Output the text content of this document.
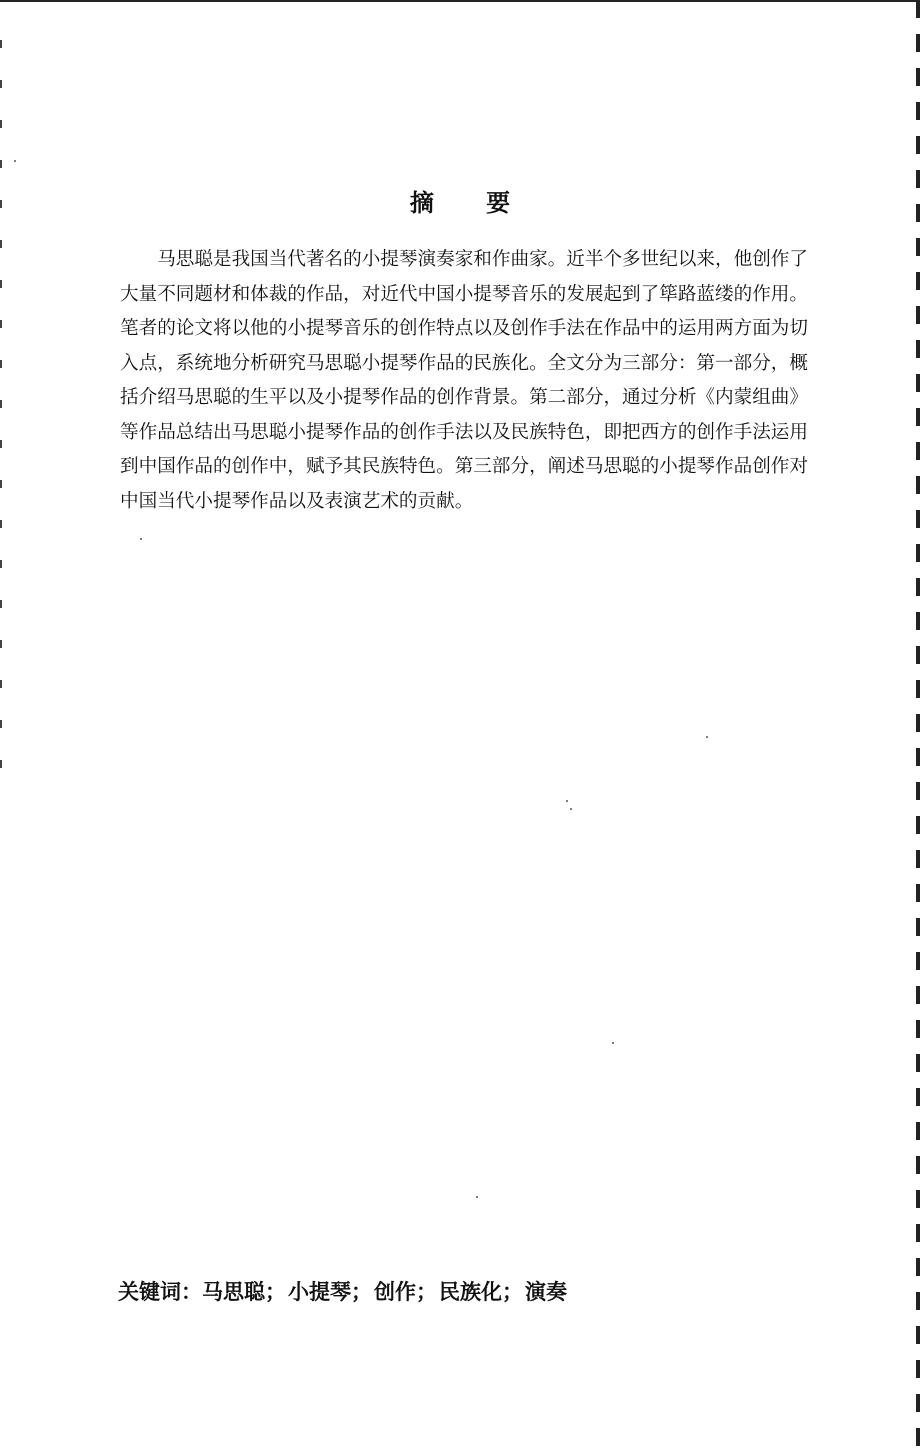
摘 要

马思聪是我国当代著名的小提琴演奏家和作曲家。近半个多世纪以来，他创作了大量不同题材和体裁的作品，对近代中国小提琴音乐的发展起到了筚路蓝缕的作用。笔者的论文将以他的小提琴音乐的创作特点以及创作手法在作品中的运用两方面为切入点，系统地分析研究马思聪小提琴作品的民族化。全文分为三部分：第一部分，概括介绍马思聪的生平以及小提琴作品的创作背景。第二部分，通过分析《内蒙组曲》等作品总结出马思聪小提琴作品的创作手法以及民族特色，即把西方的创作手法运用到中国作品的创作中，赋予其民族特色。第三部分，阐述马思聪的小提琴作品创作对中国当代小提琴作品以及表演艺术的贡献。

关键词：马思聪；小提琴；创作；民族化；演奏
